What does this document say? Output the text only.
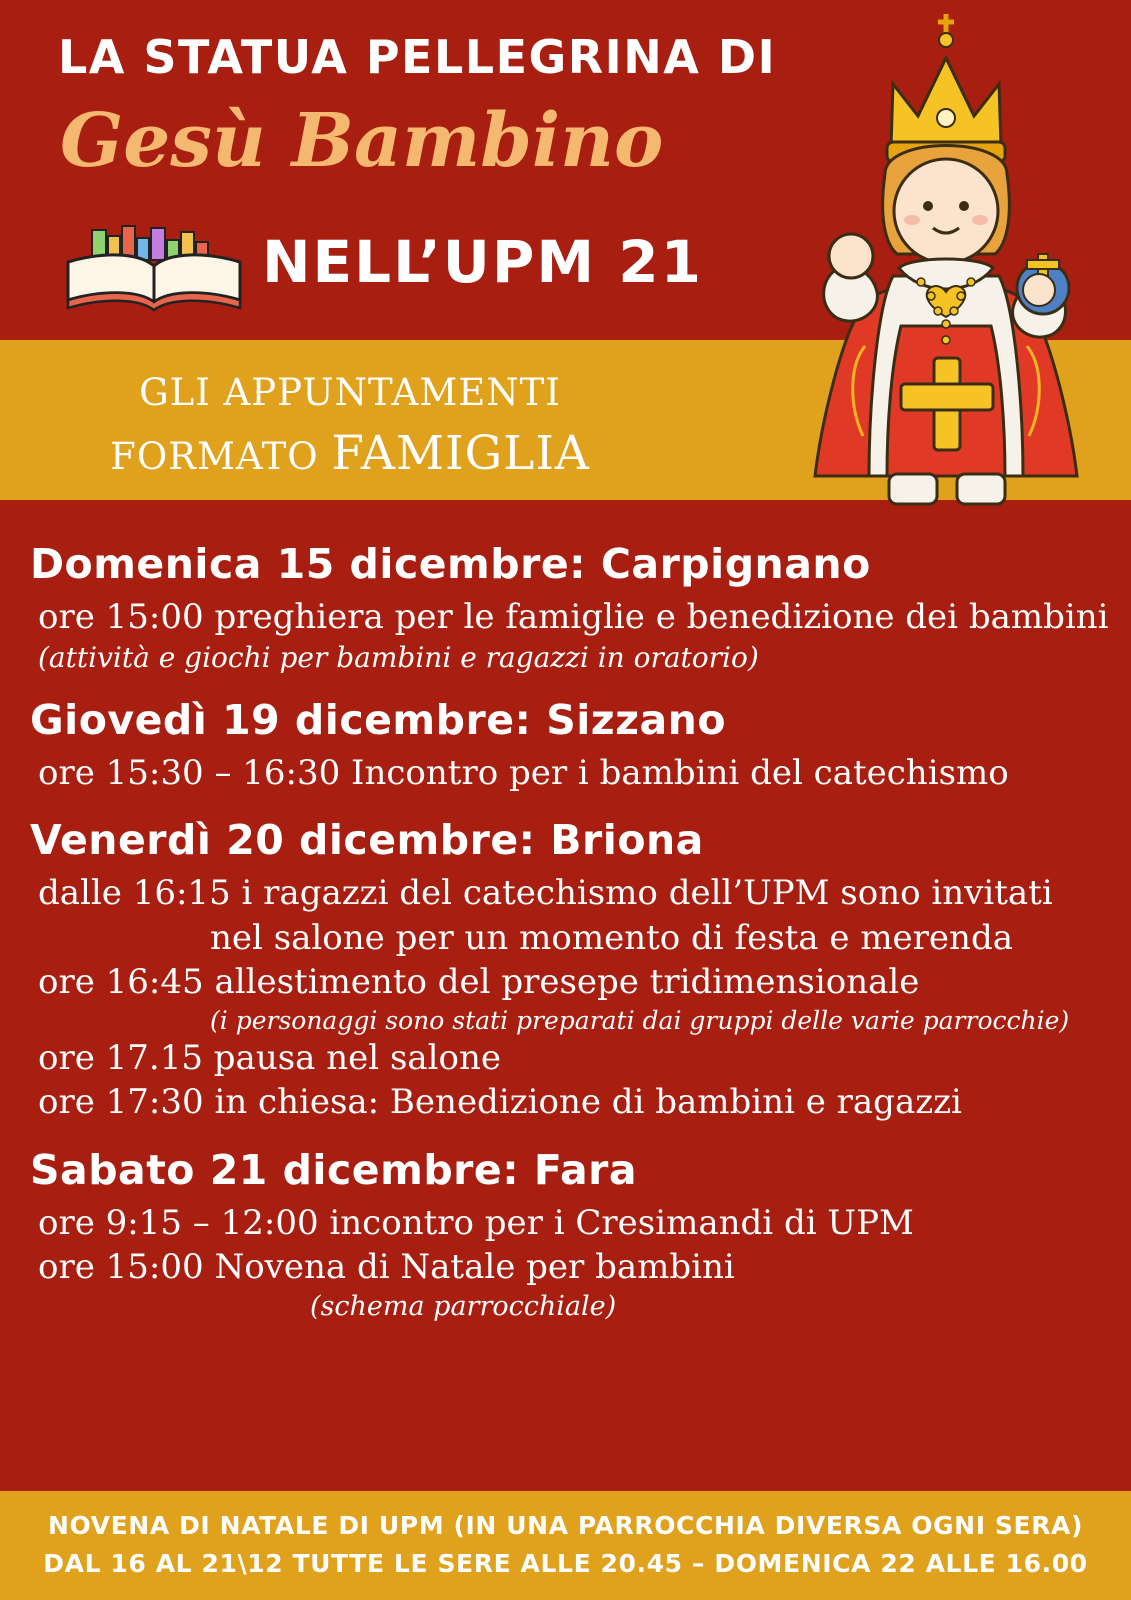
LA STATUA PELLEGRINA DI
Gesù Bambino
NELL’UPM 21
GLI APPUNTAMENTI
FORMATO FAMIGLIA
Domenica 15 dicembre: Carpignano
ore 15:00 preghiera per le famiglie e benedizione dei bambini
(attività e giochi per bambini e ragazzi in oratorio)
Giovedì 19 dicembre: Sizzano
ore 15:30 – 16:30 Incontro per i bambini del catechismo
Venerdì 20 dicembre: Briona
dalle 16:15 i ragazzi del catechismo dell’UPM sono invitati
nel salone per un momento di festa e merenda
ore 16:45 allestimento del presepe tridimensionale
(i personaggi sono stati preparati dai gruppi delle varie parrocchie)
ore 17.15 pausa nel salone
ore 17:30 in chiesa: Benedizione di bambini e ragazzi
Sabato 21 dicembre: Fara
ore 9:15 – 12:00 incontro per i Cresimandi di UPM
ore 15:00 Novena di Natale per bambini
(schema parrocchiale)
NOVENA DI NATALE DI UPM (IN UNA PARROCCHIA DIVERSA OGNI SERA)
DAL 16 AL 21\12 TUTTE LE SERE ALLE 20.45 – DOMENICA 22 ALLE 16.00
